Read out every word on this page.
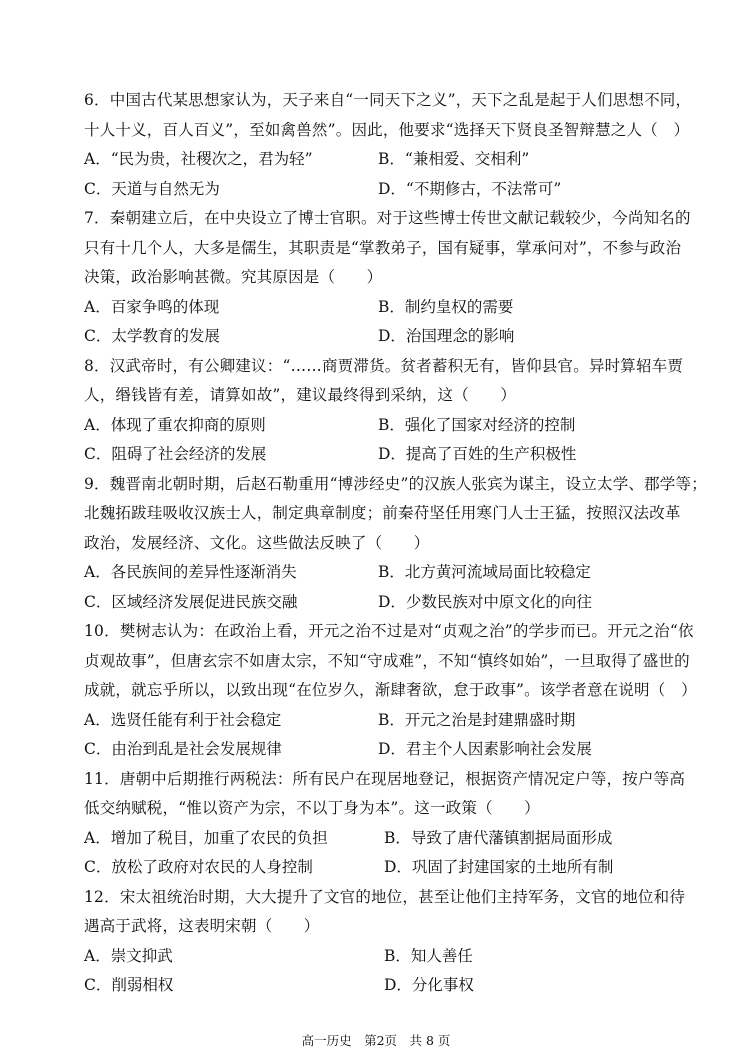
6．中国古代某思想家认为，天子来自“一同天下之义”，天下之乱是起于人们思想不同，
十人十义，百人百义”，至如禽兽然”。因此，他要求“选择天下贤良圣智辩慧之人（　）
A．“民为贵，社稷次之，君为轻”	B．“兼相爱、交相利”
C．天道与自然无为	D．“不期修古，不法常可”
7．秦朝建立后，在中央设立了博士官职。对于这些博士传世文献记载较少，今尚知名的
只有十几个人，大多是儒生，其职责是“掌教弟子，国有疑事，掌承问对”，不参与政治
决策，政治影响甚微。究其原因是（　　）
A．百家争鸣的体现	B．制约皇权的需要
C．太学教育的发展	D．治国理念的影响
8．汉武帝时，有公卿建议：“……商贾滞货。贫者蓄积无有，皆仰县官。异时算轺车贾
人，缗钱皆有差，请算如故”，建议最终得到采纳，这（　　）
A．体现了重农抑商的原则	B．强化了国家对经济的控制
C．阻碍了社会经济的发展	D．提高了百姓的生产积极性
9．魏晋南北朝时期，后赵石勒重用“博涉经史”的汉族人张宾为谋主，设立太学、郡学等；
北魏拓跋珪吸收汉族士人，制定典章制度；前秦苻坚任用寒门人士王猛，按照汉法改革
政治，发展经济、文化。这些做法反映了（　　）
A．各民族间的差异性逐渐消失	B．北方黄河流域局面比较稳定
C．区域经济发展促进民族交融	D．少数民族对中原文化的向往
10．樊树志认为：在政治上看，开元之治不过是对“贞观之治”的学步而已。开元之治“依
贞观故事”，但唐玄宗不如唐太宗，不知“守成难”，不知“慎终如始”，一旦取得了盛世的
成就，就忘乎所以，以致出现“在位岁久，渐肆奢欲，怠于政事”。该学者意在说明（　）
A．选贤任能有利于社会稳定	B．开元之治是封建鼎盛时期
C．由治到乱是社会发展规律	D．君主个人因素影响社会发展
11．唐朝中后期推行两税法：所有民户在现居地登记，根据资产情况定户等，按户等高
低交纳赋税，“惟以资产为宗，不以丁身为本”。这一政策（　　）
A．增加了税目，加重了农民的负担	B．导致了唐代藩镇割据局面形成
C．放松了政府对农民的人身控制	D．巩固了封建国家的土地所有制
12．宋太祖统治时期，大大提升了文官的地位，甚至让他们主持军务，文官的地位和待
遇高于武将，这表明宋朝（　　）
A．崇文抑武	B．知人善任
C．削弱相权	D．分化事权
高一历史　第2页　共 8 页
